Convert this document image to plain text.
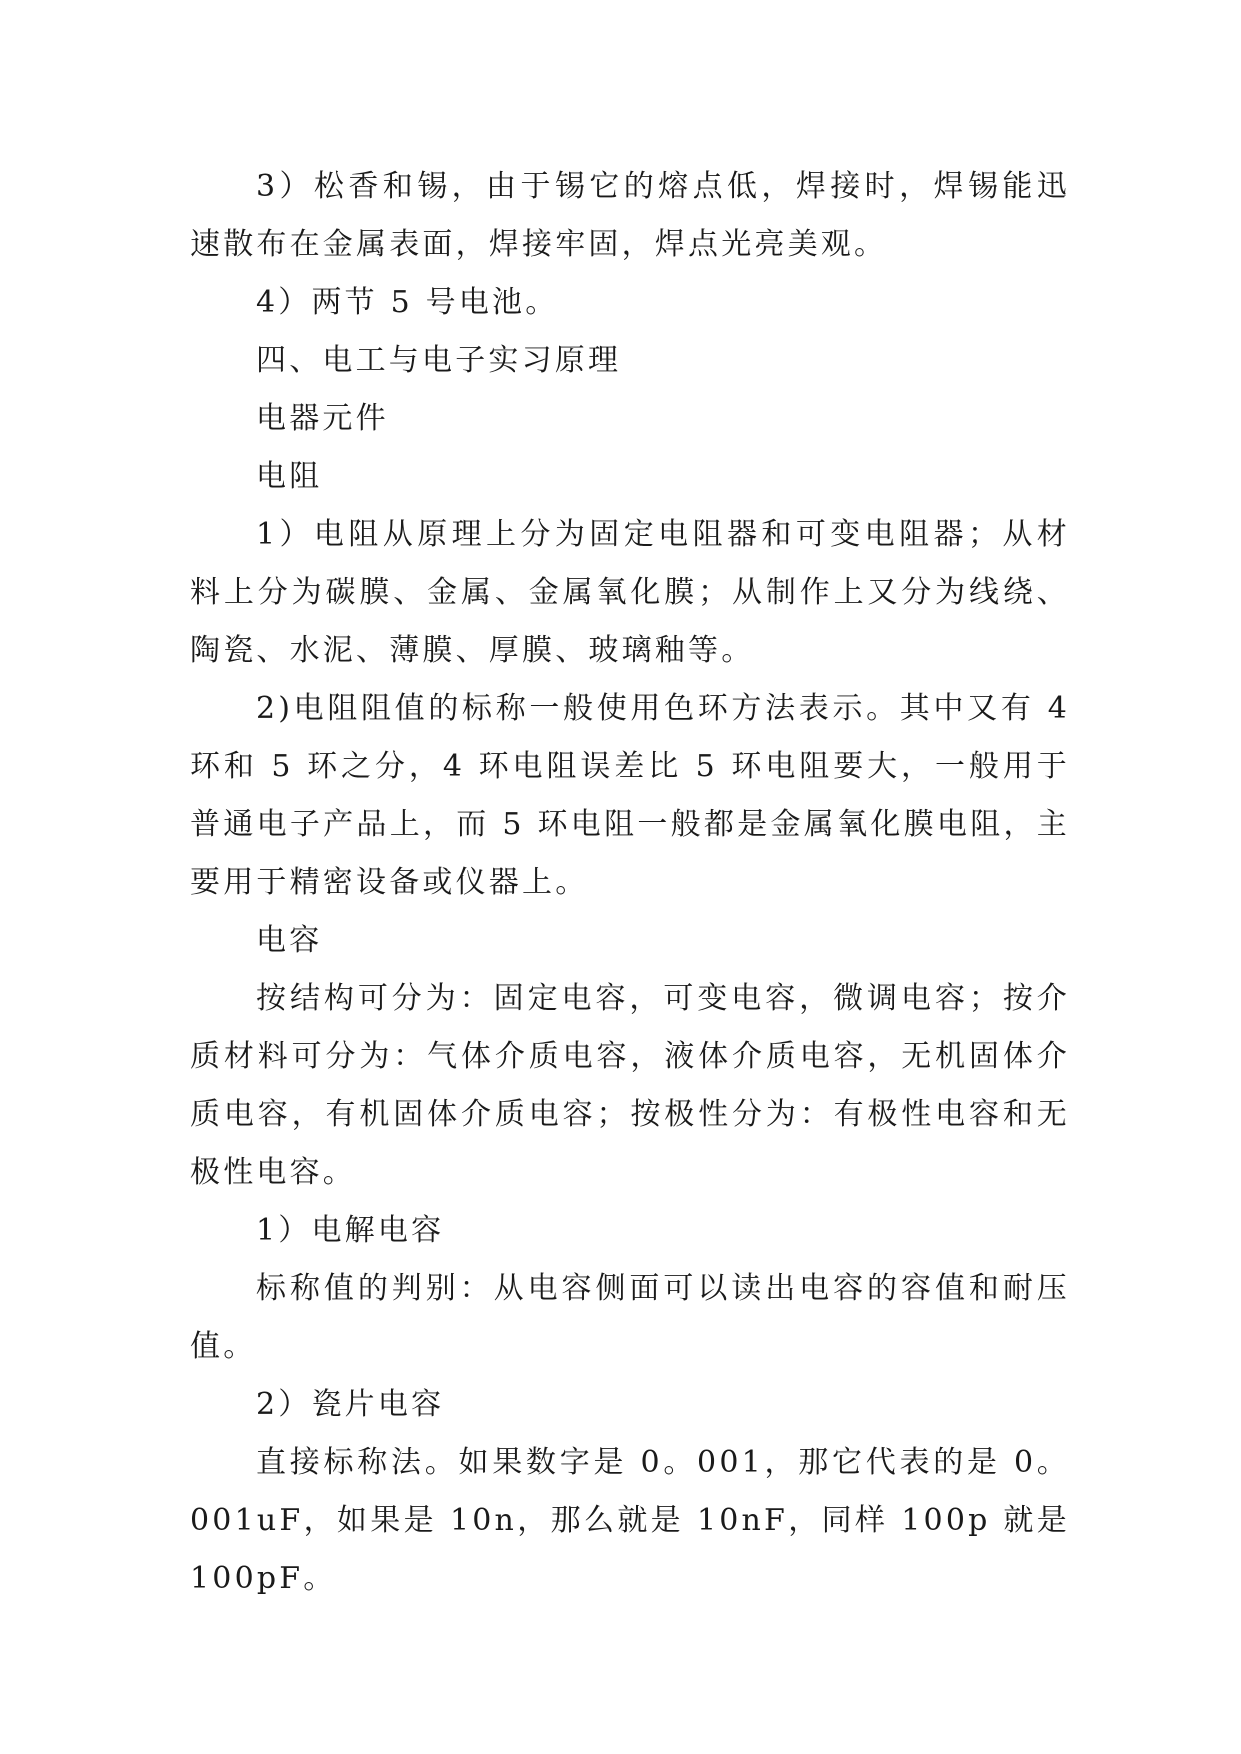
3）松香和锡，由于锡它的熔点低，焊接时，焊锡能迅速散布在金属表面，焊接牢固，焊点光亮美观。

4）两节 5 号电池。

四、电工与电子实习原理

电器元件

电阻

1）电阻从原理上分为固定电阻器和可变电阻器；从材料上分为碳膜、金属、金属氧化膜；从制作上又分为线绕、陶瓷、水泥、薄膜、厚膜、玻璃釉等。

2)电阻阻值的标称一般使用色环方法表示。其中又有 4 环和 5 环之分，4 环电阻误差比 5 环电阻要大，一般用于普通电子产品上，而 5 环电阻一般都是金属氧化膜电阻，主要用于精密设备或仪器上。

电容

按结构可分为：固定电容，可变电容，微调电容；按介质材料可分为：气体介质电容，液体介质电容，无机固体介质电容，有机固体介质电容；按极性分为：有极性电容和无极性电容。

1）电解电容

标称值的判别：从电容侧面可以读出电容的容值和耐压值。

2）瓷片电容

直接标称法。如果数字是 0。001，那它代表的是 0。001uF，如果是 10n，那么就是 10nF，同样 100p 就是 100pF。
